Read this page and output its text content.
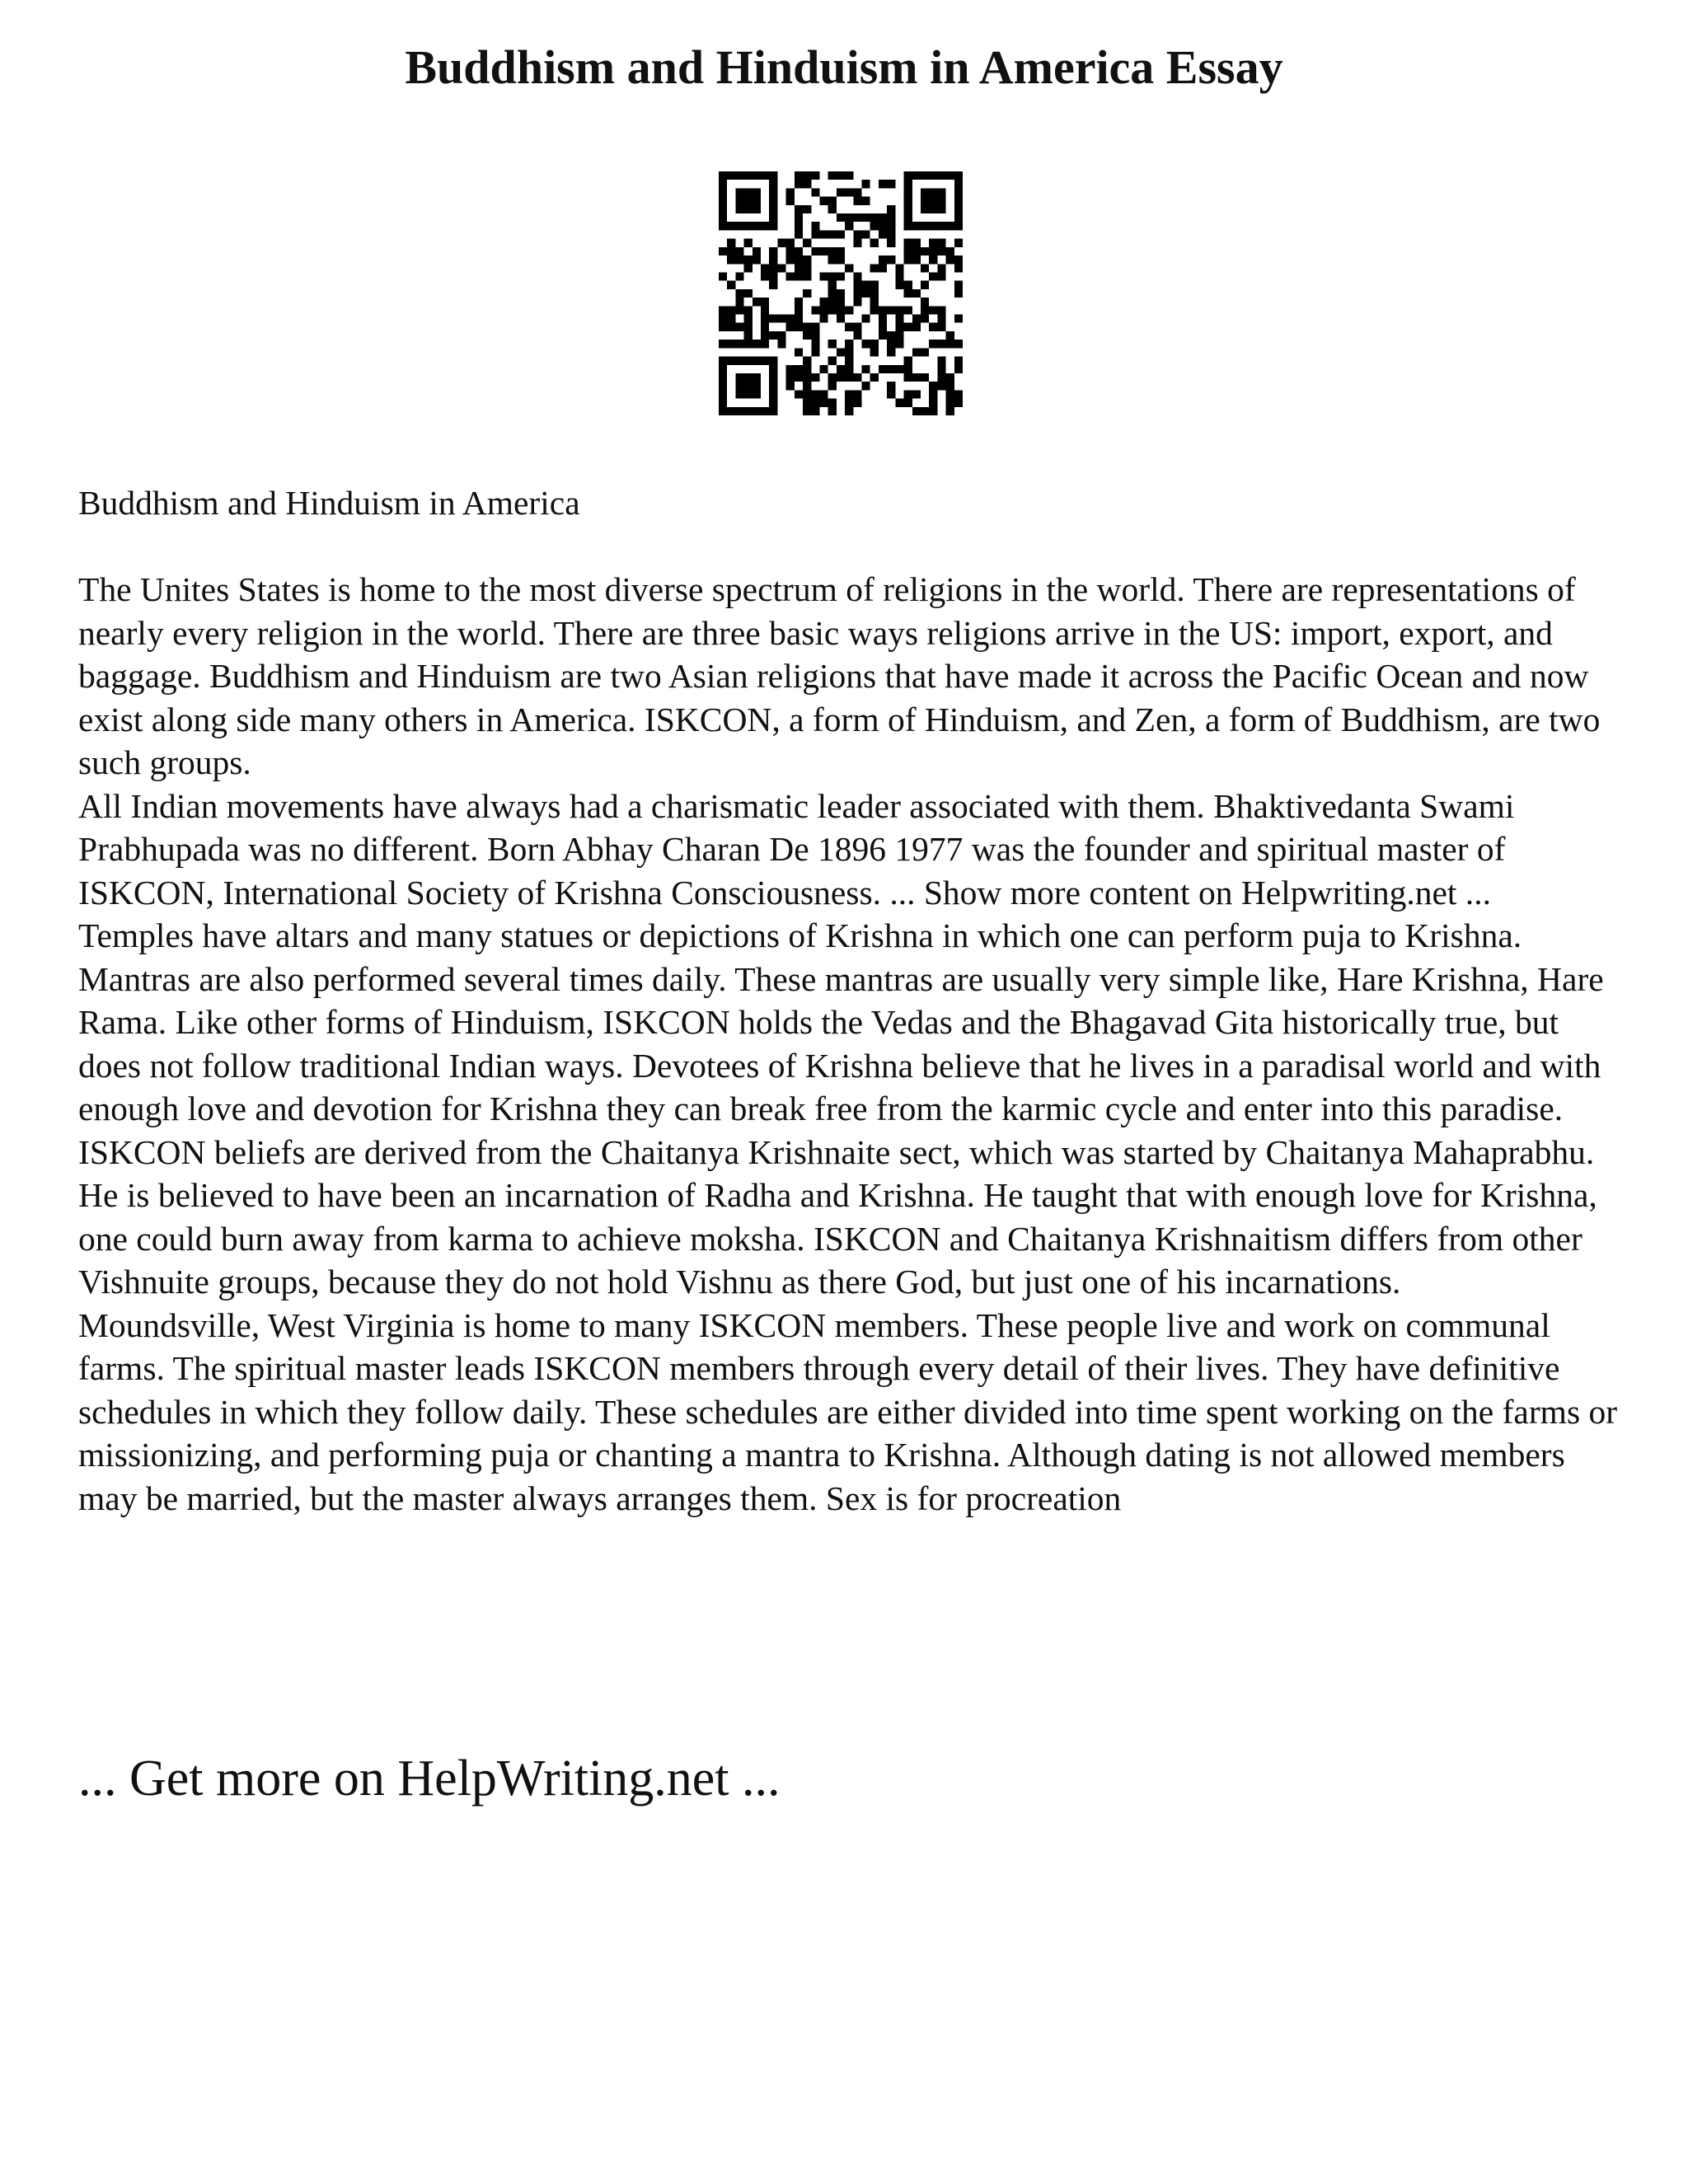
Buddhism and Hinduism in America Essay

Buddhism and Hinduism in America

The Unites States is home to the most diverse spectrum of religions in the world. There are representations of nearly every religion in the world. There are three basic ways religions arrive in the US: import, export, and baggage. Buddhism and Hinduism are two Asian religions that have made it across the Pacific Ocean and now exist along side many others in America. ISKCON, a form of Hinduism, and Zen, a form of Buddhism, are two such groups.

All Indian movements have always had a charismatic leader associated with them. Bhaktivedanta Swami Prabhupada was no different. Born Abhay Charan De 1896 1977 was the founder and spiritual master of ISKCON, International Society of Krishna Consciousness. ... Show more content on Helpwriting.net ...

Temples have altars and many statues or depictions of Krishna in which one can perform puja to Krishna. Mantras are also performed several times daily. These mantras are usually very simple like, Hare Krishna, Hare Rama. Like other forms of Hinduism, ISKCON holds the Vedas and the Bhagavad Gita historically true, but does not follow traditional Indian ways. Devotees of Krishna believe that he lives in a paradisal world and with enough love and devotion for Krishna they can break free from the karmic cycle and enter into this paradise.

ISKCON beliefs are derived from the Chaitanya Krishnaite sect, which was started by Chaitanya Mahaprabhu. He is believed to have been an incarnation of Radha and Krishna. He taught that with enough love for Krishna, one could burn away from karma to achieve moksha. ISKCON and Chaitanya Krishnaitism differs from other Vishnuite groups, because they do not hold Vishnu as there God, but just one of his incarnations.

Moundsville, West Virginia is home to many ISKCON members. These people live and work on communal farms. The spiritual master leads ISKCON members through every detail of their lives. They have definitive schedules in which they follow daily. These schedules are either divided into time spent working on the farms or missionizing, and performing puja or chanting a mantra to Krishna. Although dating is not allowed members may be married, but the master always arranges them. Sex is for procreation

... Get more on HelpWriting.net ...
